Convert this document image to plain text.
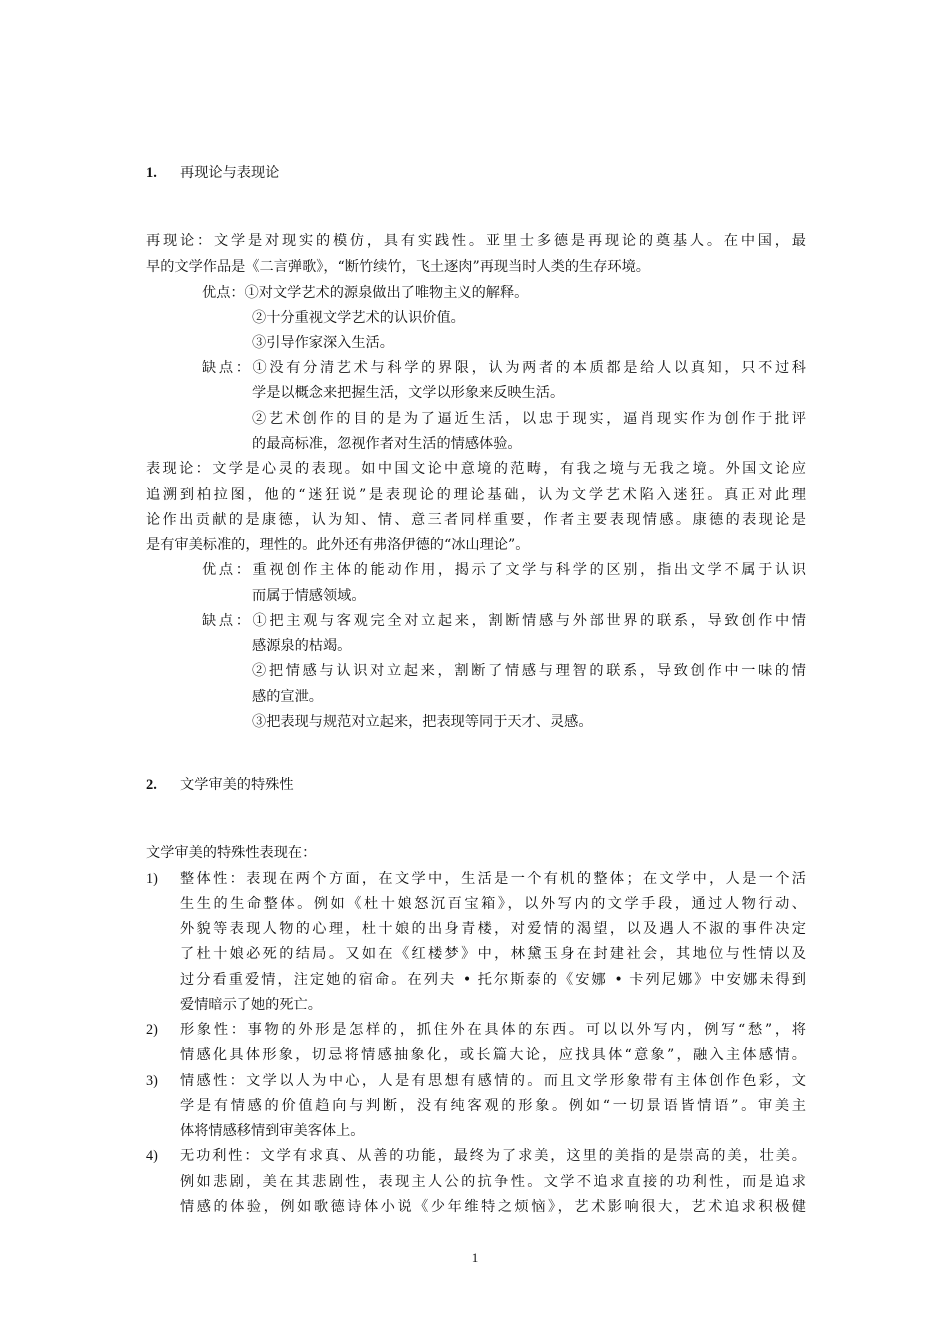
1. 再现论与表现论
再现论：文学是对现实的模仿，具有实践性。亚里士多德是再现论的奠基人。在中国，最
早的文学作品是《二言弹歌》，“断竹续竹，飞土逐肉”再现当时人类的生存环境。
优点：①对文学艺术的源泉做出了唯物主义的解释。
②十分重视文学艺术的认识价值。
③引导作家深入生活。
缺点：①没有分清艺术与科学的界限，认为两者的本质都是给人以真知，只不过科
学是以概念来把握生活，文学以形象来反映生活。
②艺术创作的目的是为了逼近生活，以忠于现实，逼肖现实作为创作于批评
的最高标准，忽视作者对生活的情感体验。
表现论：文学是心灵的表现。如中国文论中意境的范畴，有我之境与无我之境。外国文论应
追溯到柏拉图，他的“迷狂说”是表现论的理论基础，认为文学艺术陷入迷狂。真正对此理
论作出贡献的是康德，认为知、情、意三者同样重要，作者主要表现情感。康德的表现论是
是有审美标准的，理性的。此外还有弗洛伊德的“冰山理论”。
优点：重视创作主体的能动作用，揭示了文学与科学的区别，指出文学不属于认识
而属于情感领域。
缺点：①把主观与客观完全对立起来，割断情感与外部世界的联系，导致创作中情
感源泉的枯竭。
②把情感与认识对立起来，割断了情感与理智的联系，导致创作中一味的情
感的宣泄。
③把表现与规范对立起来，把表现等同于天才、灵感。
2. 文学审美的特殊性
文学审美的特殊性表现在：
1) 整体性：表现在两个方面，在文学中，生活是一个有机的整体；在文学中，人是一个活
生生的生命整体。例如《杜十娘怒沉百宝箱》，以外写内的文学手段，通过人物行动、
外貌等表现人物的心理，杜十娘的出身青楼，对爱情的渴望，以及遇人不淑的事件决定
了杜十娘必死的结局。又如在《红楼梦》中，林黛玉身在封建社会，其地位与性情以及
过分看重爱情，注定她的宿命。在列夫 • 托尔斯泰的《安娜 • 卡列尼娜》中安娜未得到
爱情暗示了她的死亡。
2) 形象性：事物的外形是怎样的，抓住外在具体的东西。可以以外写内，例写“愁”，将
情感化具体形象，切忌将情感抽象化，或长篇大论，应找具体“意象”，融入主体感情。
3) 情感性：文学以人为中心，人是有思想有感情的。而且文学形象带有主体创作色彩，文
学是有情感的价值趋向与判断，没有纯客观的形象。例如“一切景语皆情语”。审美主
体将情感移情到审美客体上。
4) 无功利性：文学有求真、从善的功能，最终为了求美，这里的美指的是崇高的美，壮美。
例如悲剧，美在其悲剧性，表现主人公的抗争性。文学不追求直接的功利性，而是追求
情感的体验，例如歌德诗体小说《少年维特之烦恼》，艺术影响很大，艺术追求积极健
1
